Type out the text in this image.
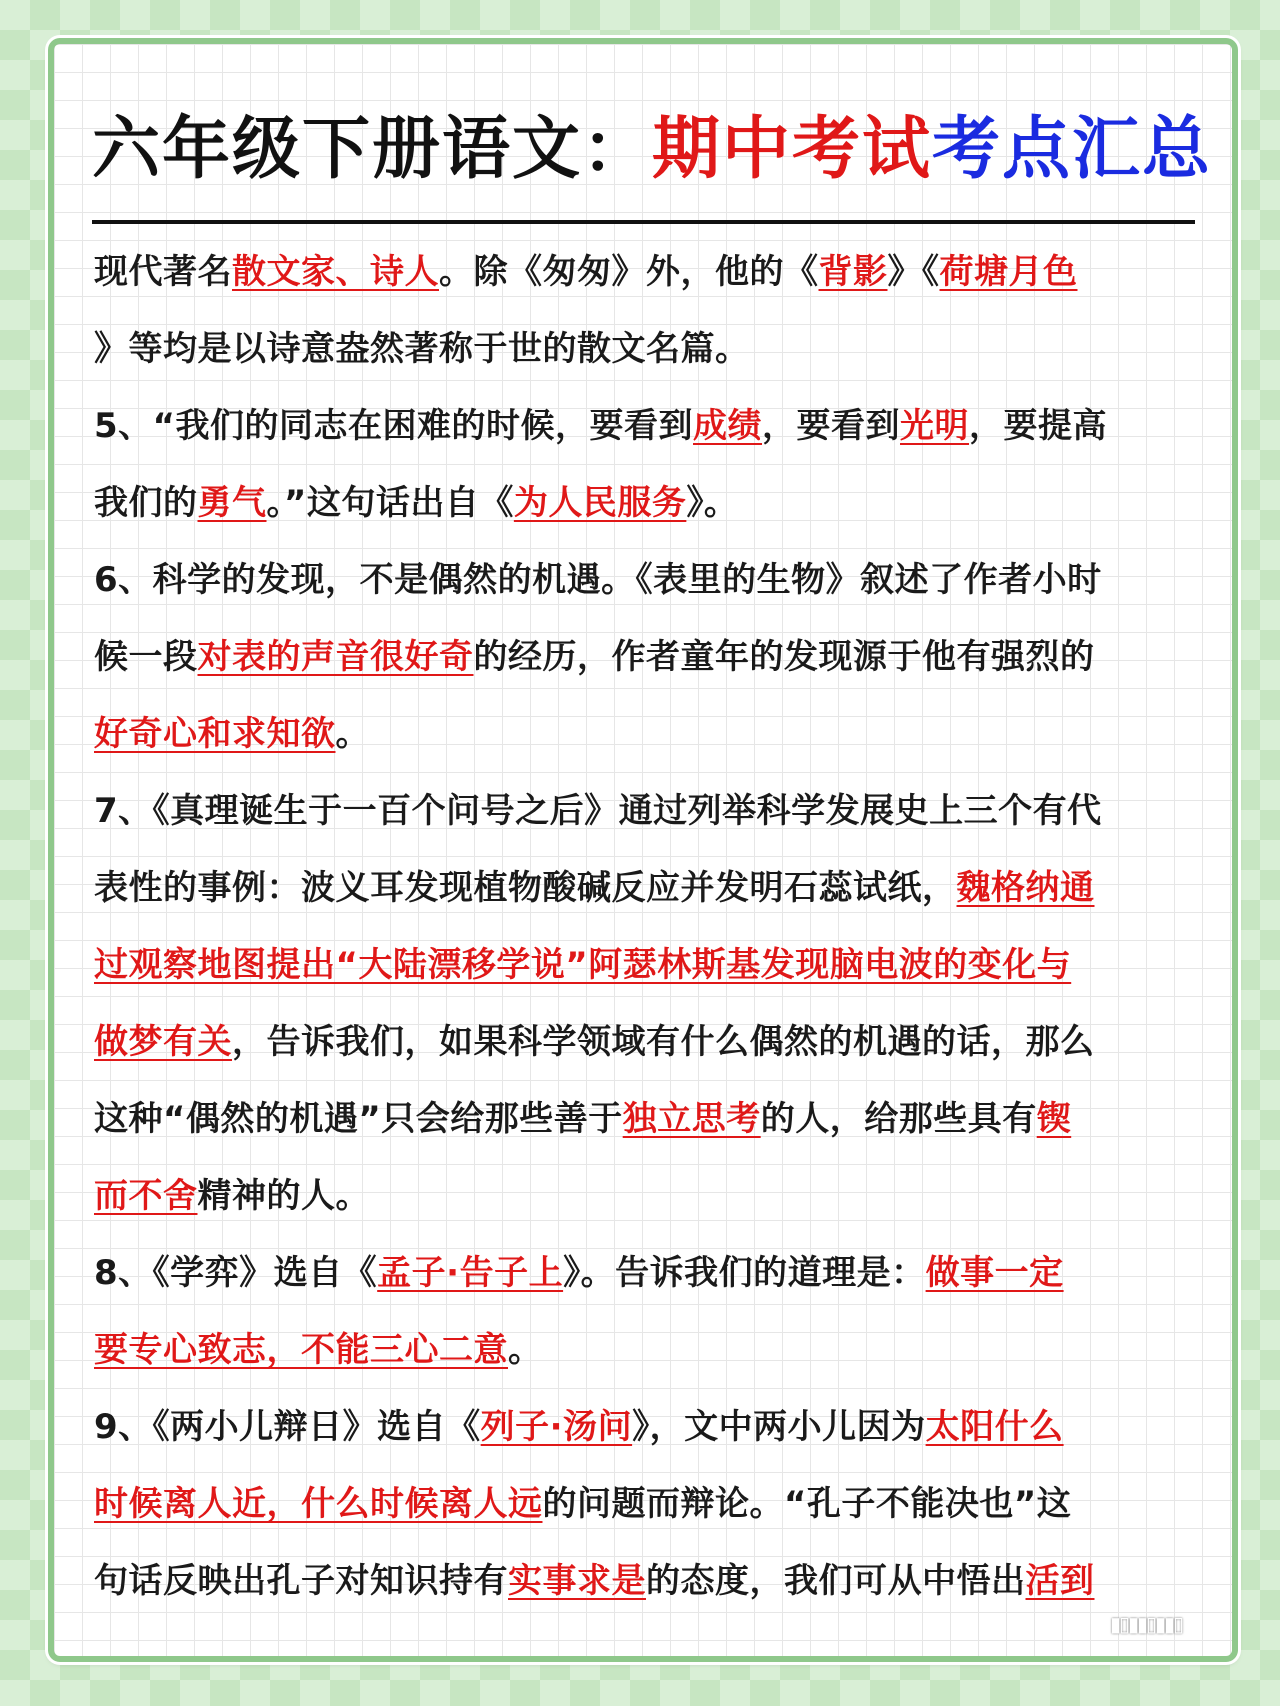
六年级下册语文：期中考试考点汇总
现代著名散文家、诗人。除《匆匆》外，他的《背影》《荷塘月色
》等均是以诗意盎然著称于世的散文名篇。
5、“我们的同志在困难的时候，要看到成绩，要看到光明，要提高
我们的勇气。”这句话出自《为人民服务》。
6、科学的发现，不是偶然的机遇。《表里的生物》叙述了作者小时
候一段对表的声音很好奇的经历，作者童年的发现源于他有强烈的
好奇心和求知欲。
7、《真理诞生于一百个问号之后》通过列举科学发展史上三个有代
表性的事例：波义耳发现植物酸碱反应并发明石蕊试纸，魏格纳通
过观察地图提出“大陆漂移学说”阿瑟林斯基发现脑电波的变化与
做梦有关，告诉我们，如果科学领域有什么偶然的机遇的话，那么
这种“偶然的机遇”只会给那些善于独立思考的人，给那些具有锲
而不舍精神的人。
8、《学弈》选自《孟子·告子上》。告诉我们的道理是：做事一定
要专心致志，不能三心二意。
9、《两小儿辩日》选自《列子·汤问》，文中两小儿因为太阳什么
时候离人近，什么时候离人远的问题而辩论。“孔子不能决也”这
句话反映出孔子对知识持有实事求是的态度，我们可从中悟出活到
▮▯▮▮▯▮▮▯
